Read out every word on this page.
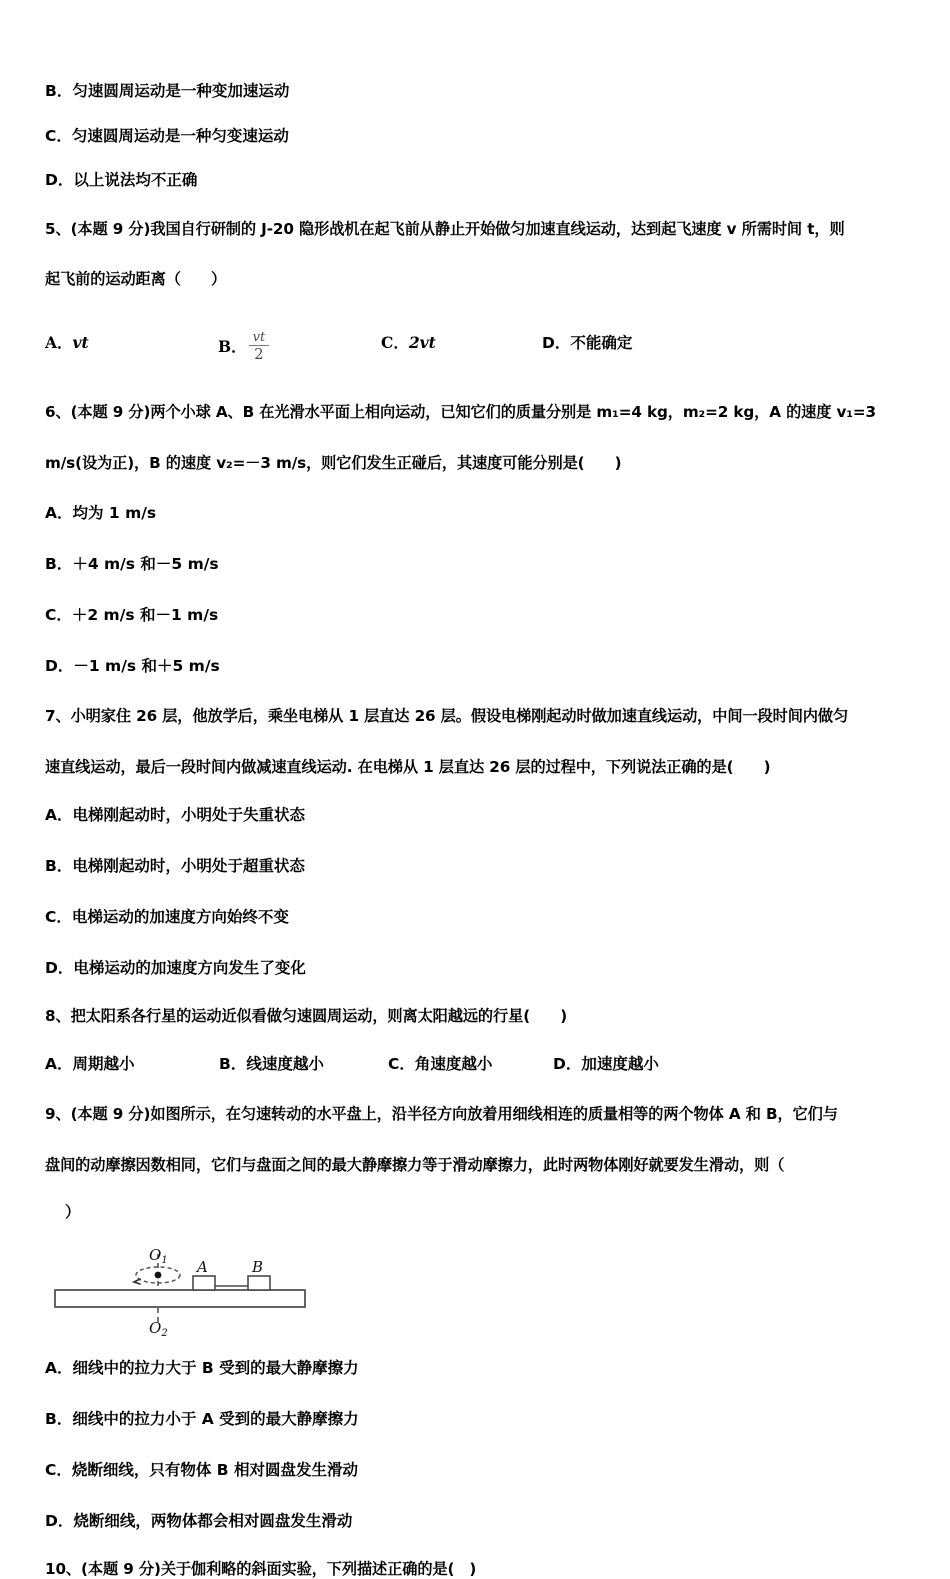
B．匀速圆周运动是一种变加速运动
C．匀速圆周运动是一种匀变速运动
D．以上说法均不正确
5、(本题 9 分)我国自行研制的 J-20 隐形战机在起飞前从静止开始做匀加速直线运动，达到起飞速度 v 所需时间 t，则
起飞前的运动距离（　　）
A．vt	B． $\frac{vt}{2}$	C．2vt	D．不能确定
6、(本题 9 分)两个小球 A、B 在光滑水平面上相向运动，已知它们的质量分别是 m₁=4 kg，m₂=2 kg，A 的速度 v₁=3
m/s(设为正)，B 的速度 v₂=－3 m/s，则它们发生正碰后，其速度可能分别是(　　)
A．均为 1 m/s
B．＋4 m/s 和－5 m/s
C．＋2 m/s 和－1 m/s
D．－1 m/s 和＋5 m/s
7、小明家住 26 层，他放学后，乘坐电梯从 1 层直达 26 层。假设电梯刚起动时做加速直线运动，中间一段时间内做匀
速直线运动，最后一段时间内做减速直线运动. 在电梯从 1 层直达 26 层的过程中，下列说法正确的是(　　)
A．电梯刚起动时，小明处于失重状态
B．电梯刚起动时，小明处于超重状态
C．电梯运动的加速度方向始终不变
D．电梯运动的加速度方向发生了变化
8、把太阳系各行星的运动近似看做匀速圆周运动，则离太阳越远的行星(　　)
A．周期越小	B．线速度越小	C．角速度越小	D．加速度越小
9、(本题 9 分)如图所示，在匀速转动的水平盘上，沿半径方向放着用细线相连的质量相等的两个物体 A 和 B，它们与
盘间的动摩擦因数相同，它们与盘面之间的最大静摩擦力等于滑动摩擦力，此时两物体刚好就要发生滑动，则（
）
$O_1$
$O_2$
A	B
A．细线中的拉力大于 B 受到的最大静摩擦力
B．细线中的拉力小于 A 受到的最大静摩擦力
C．烧断细线，只有物体 B 相对圆盘发生滑动
D．烧断细线，两物体都会相对圆盘发生滑动
10、(本题 9 分)关于伽利略的斜面实验，下列描述正确的是(　)
